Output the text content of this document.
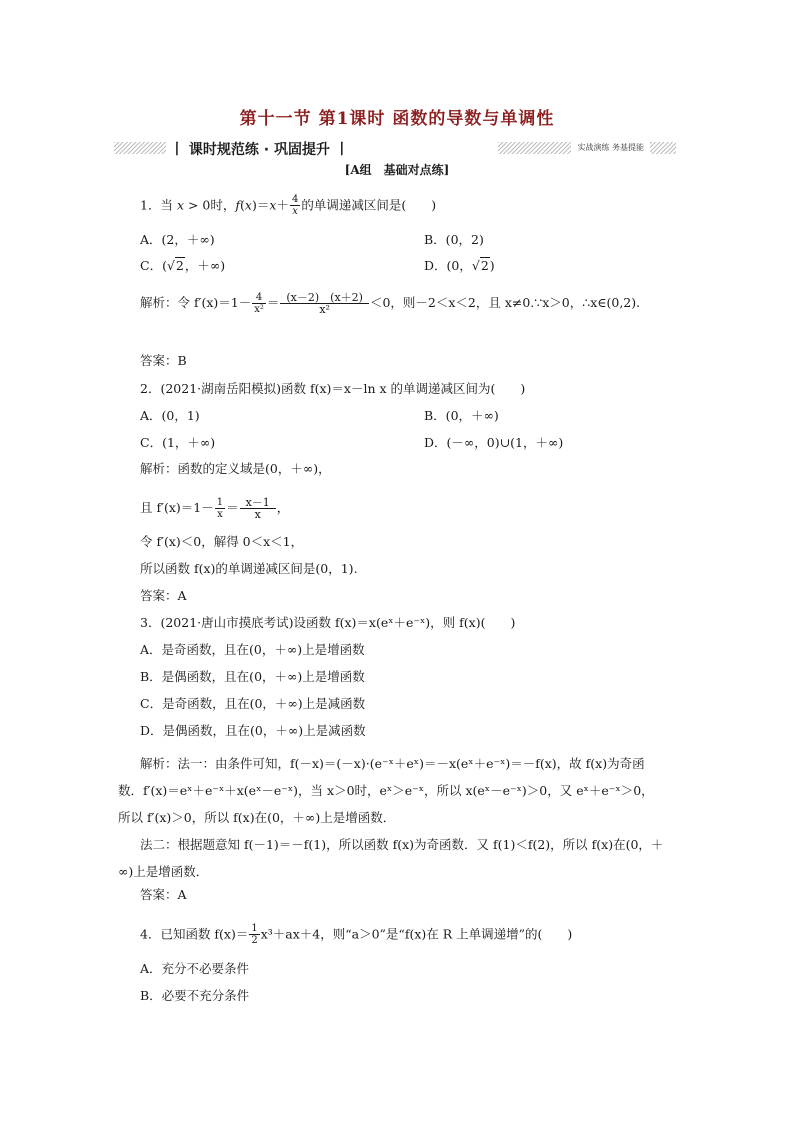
第十一节 第1课时 函数的导数与单调性
丨 课时规范练 · 巩固提升 丨	实战演练 务基提能
[A组　基础对点练]
1．当 x > 0时，$f(x)=x+ \frac{4}{x}$ 的单调递减区间是(　　)
A．(2，＋∞)	B．(0，2)
C．(√2，＋∞)	D．(0，√2)
解析：令 $f'(x)=1- \frac{4}{\text{x²}} = \frac{(x-2) (x+2)}{\text{x²}} <0$，则－2＜x＜2，且 x≠0.∵x＞0，∴x∈(0,2).
答案：B
2．(2021·湖南岳阳模拟)函数 f(x)＝x－ln x 的单调递减区间为(　　)
A．(0，1)	B．(0，＋∞)
C．(1，＋∞)	D．(－∞，0)∪(1，＋∞)
解析：函数的定义域是(0，＋∞)，
且 $f'(x)=1- \frac{1}{x} = \frac{x-1}{x}$ ，
令 f′(x)＜0，解得 0＜x＜1，
所以函数 f(x)的单调递减区间是(0，1).
答案：A
3．(2021·唐山市摸底考试)设函数 f(x)＝x(eˣ＋e⁻ˣ)，则 f(x)(　　)
A．是奇函数，且在(0，＋∞)上是增函数
B．是偶函数，且在(0，＋∞)上是增函数
C．是奇函数，且在(0，＋∞)上是减函数
D．是偶函数，且在(0，＋∞)上是减函数
解析：法一：由条件可知，f(－x)＝(－x)·(e⁻ˣ＋eˣ)＝－x(eˣ＋e⁻ˣ)＝－f(x)，故 f(x)为奇函数．f′(x)＝eˣ＋e⁻ˣ＋x(eˣ－e⁻ˣ)，当 x＞0时，eˣ＞e⁻ˣ，所以 x(eˣ－e⁻ˣ)＞0，又 eˣ＋e⁻ˣ＞0，所以 f′(x)＞0，所以 f(x)在(0，＋∞)上是增函数．
法二：根据题意知 f(－1)＝－f(1)，所以函数 f(x)为奇函数．又 f(1)＜f(2)，所以 f(x)在(0，＋∞)上是增函数．
答案：A
4．已知函数 $f(x)= \frac{1}{2} x^3+ax+4$，则“a＞0”是“f(x)在 R 上单调递增”的(　　)
A．充分不必要条件
B．必要不充分条件
